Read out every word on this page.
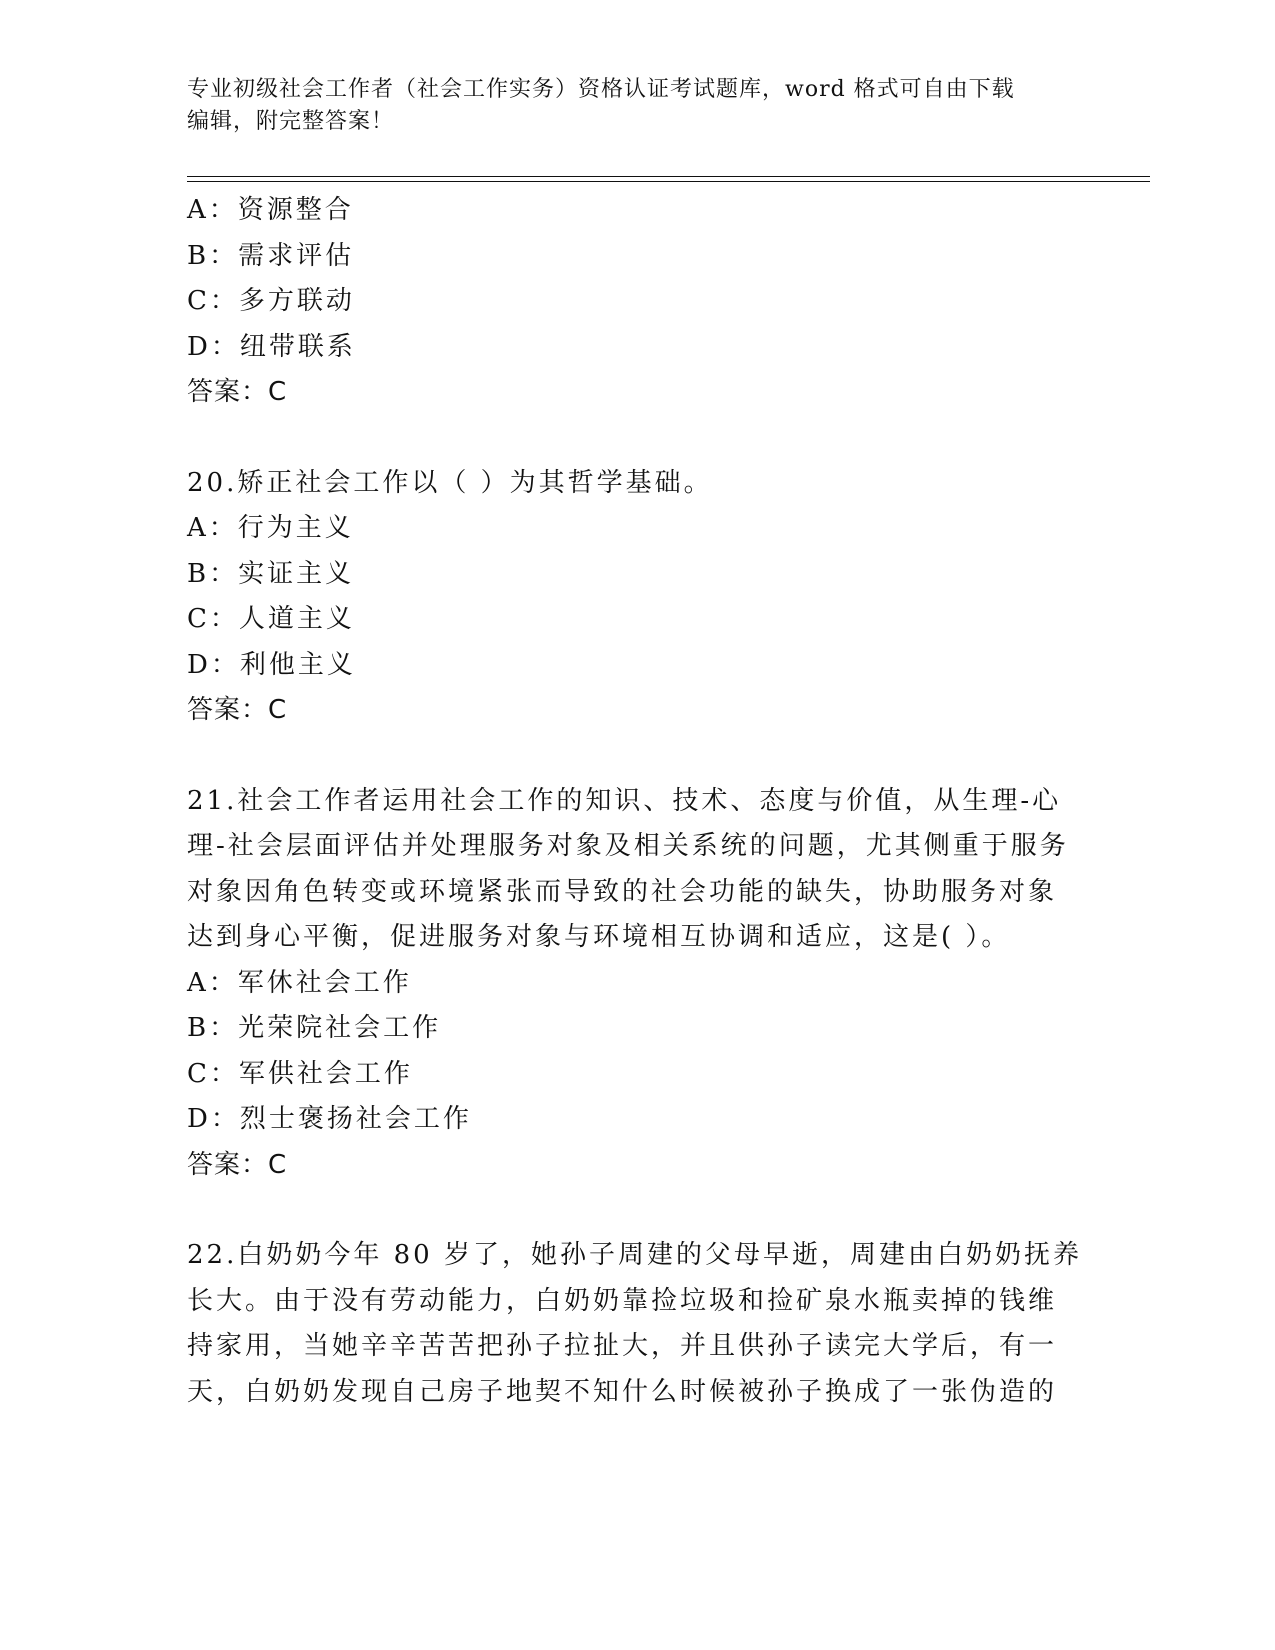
专业初级社会工作者（社会工作实务）资格认证考试题库，word 格式可自由下载
编辑，附完整答案！
A：资源整合
B：需求评估
C：多方联动
D：纽带联系
答案：C
20.矫正社会工作以（ ）为其哲学基础。
A：行为主义
B：实证主义
C：人道主义
D：利他主义
答案：C
21.社会工作者运用社会工作的知识、技术、态度与价值，从生理-心
理-社会层面评估并处理服务对象及相关系统的问题，尤其侧重于服务
对象因角色转变或环境紧张而导致的社会功能的缺失，协助服务对象
达到身心平衡，促进服务对象与环境相互协调和适应，这是( ）。
A：军休社会工作
B：光荣院社会工作
C：军供社会工作
D：烈士褒扬社会工作
答案：C
22.白奶奶今年 80 岁了，她孙子周建的父母早逝，周建由白奶奶抚养
长大。由于没有劳动能力，白奶奶靠捡垃圾和捡矿泉水瓶卖掉的钱维
持家用，当她辛辛苦苦把孙子拉扯大，并且供孙子读完大学后，有一
天，白奶奶发现自己房子地契不知什么时候被孙子换成了一张伪造的
